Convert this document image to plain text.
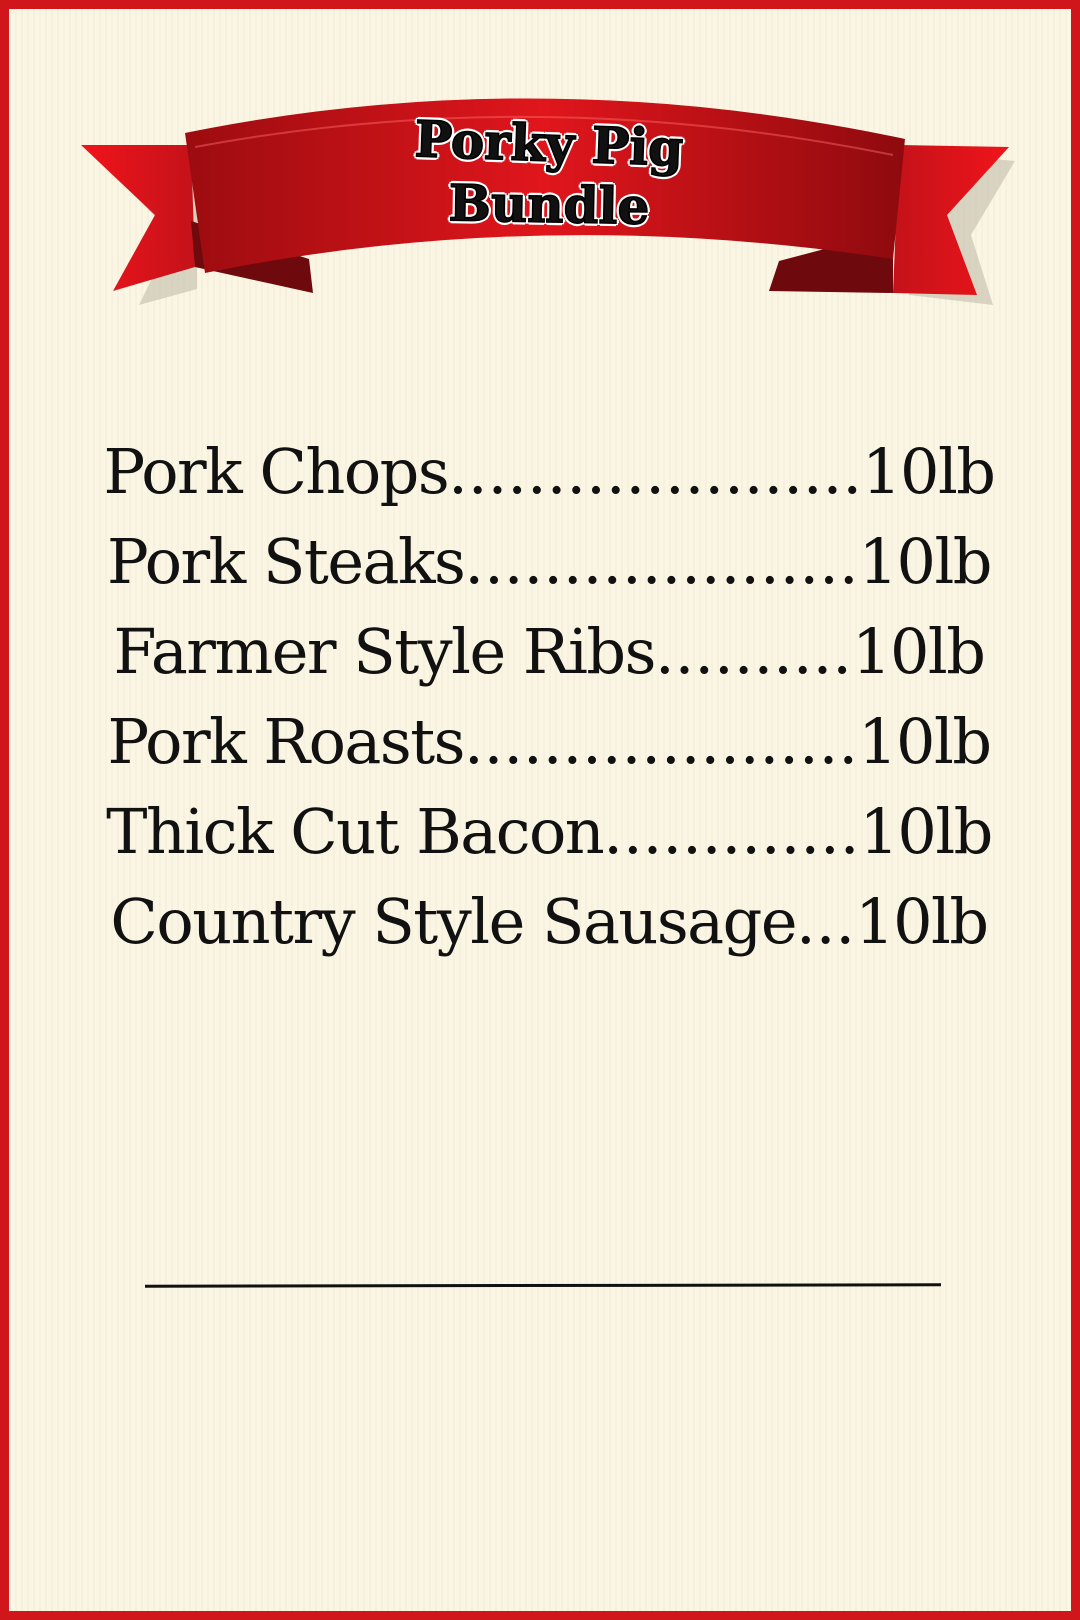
Porky Pig
Bundle
Pork Chops.....................10lb
Pork Steaks....................10lb
Farmer Style Ribs..........10lb
Pork Roasts....................10lb
Thick Cut Bacon.............10lb
Country Style Sausage...10lb
